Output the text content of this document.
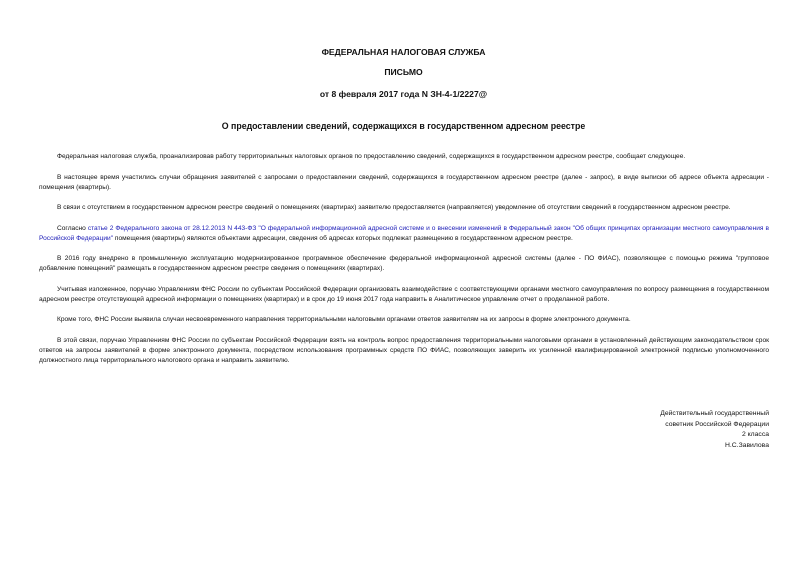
ФЕДЕРАЛЬНАЯ НАЛОГОВАЯ СЛУЖБА
ПИСЬМО
от 8 февраля 2017 года N ЗН-4-1/2227@
О предоставлении сведений, содержащихся в государственном адресном реестре

Федеральная налоговая служба, проанализировав работу территориальных налоговых органов по предоставлению сведений, содержащихся в государственном адресном реестре, сообщает следующее.

В настоящее время участились случаи обращения заявителей с запросами о предоставлении сведений, содержащихся в государственном адресном реестре (далее - запрос), в виде выписки об адресе объекта адресации - помещения (квартиры).

В связи с отсутствием в государственном адресном реестре сведений о помещениях (квартирах) заявителю предоставляется (направляется) уведомление об отсутствии сведений в государственном адресном реестре.

Согласно статье 2 Федерального закона от 28.12.2013 N 443-ФЗ "О федеральной информационной адресной системе и о внесении изменений в Федеральный закон "Об общих принципах организации местного самоуправления в Российской Федерации" помещения (квартиры) являются объектами адресации, сведения об адресах которых подлежат размещению в государственном адресном реестре.

В 2016 году внедрено в промышленную эксплуатацию модернизированное программное обеспечение федеральной информационной адресной системы (далее - ПО ФИАС), позволяющее с помощью режима "групповое добавление помещений" размещать в государственном адресном реестре сведения о помещениях (квартирах).

Учитывая изложенное, поручаю Управлениям ФНС России по субъектам Российской Федерации организовать взаимодействие с соответствующими органами местного самоуправления по вопросу размещения в государственном адресном реестре отсутствующей адресной информации о помещениях (квартирах) и в срок до 19 июня 2017 года направить в Аналитическое управление отчет о проделанной работе.

Кроме того, ФНС России выявила случаи несвоевременного направления территориальными налоговыми органами ответов заявителям на их запросы в форме электронного документа.

В этой связи, поручаю Управлениям ФНС России по субъектам Российской Федерации взять на контроль вопрос предоставления территориальными налоговыми органами в установленный действующим законодательством срок ответов на запросы заявителей в форме электронного документа, посредством использования программных средств ПО ФИАС, позволяющих заверить их усиленной квалифицированной электронной подписью уполномоченного должностного лица территориального налогового органа и направить заявителю.

Действительный государственный
советник Российской Федерации
2 класса
Н.С.Завилова
